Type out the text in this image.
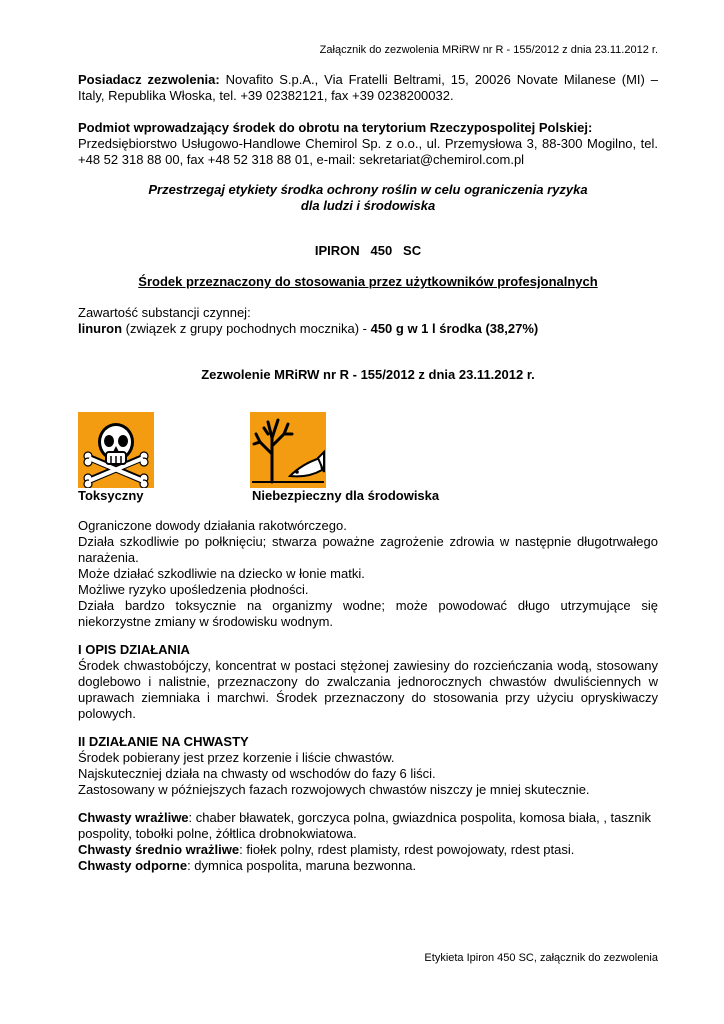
Załącznik do zezwolenia MRiRW nr R - 155/2012 z dnia 23.11.2012 r.

Posiadacz zezwolenia: Novafito S.p.A., Via Fratelli Beltrami, 15, 20026 Novate Milanese (MI) – Italy, Republika Włoska, tel. +39 02382121, fax +39 0238200032.

Podmiot wprowadzający środek do obrotu na terytorium Rzeczypospolitej Polskiej:

Przedsiębiorstwo Usługowo-Handlowe Chemirol Sp. z o.o., ul. Przemysłowa 3, 88-300 Mogilno, tel. +48 52 318 88 00, fax +48 52 318 88 01, e-mail: sekretariat@chemirol.com.pl

Przestrzegaj etykiety środka ochrony roślin w celu ograniczenia ryzyka

dla ludzi i środowiska

IPIRON   450   SC
Środek przeznaczony do stosowania przez użytkowników profesjonalnych

Zawartość substancji czynnej:

linuron (związek z grupy pochodnych mocznika) - 450 g w 1 l środka (38,27%)

Zezwolenie MRiRW nr R - 155/2012 z dnia 23.11.2012 r.
Toksyczny	Niebezpieczny dla środowiska

Ograniczone dowody działania rakotwórczego.

Działa szkodliwie po połknięciu; stwarza poważne zagrożenie zdrowia w następnie długotrwałego narażenia.

Może działać szkodliwie na dziecko w łonie matki.

Możliwe ryzyko upośledzenia płodności.

Działa bardzo toksycznie na organizmy wodne; może powodować długo utrzymujące się niekorzystne zmiany w środowisku wodnym.

I OPIS DZIAŁANIA

Środek chwastobójczy, koncentrat w postaci stężonej zawiesiny do rozcieńczania wodą, stosowany doglebowo i nalistnie, przeznaczony do zwalczania jednorocznych chwastów dwuliściennych w uprawach ziemniaka i marchwi. Środek przeznaczony do stosowania przy użyciu opryskiwaczy polowych.

II DZIAŁANIE NA CHWASTY

Środek pobierany jest przez korzenie i liście chwastów.

Najskuteczniej działa na chwasty od wschodów do fazy 6 liści.

Zastosowany w późniejszych fazach rozwojowych chwastów niszczy je mniej skutecznie.

Chwasty wrażliwe: chaber bławatek, gorczyca polna, gwiazdnica pospolita, komosa biała, , tasznik pospolity, tobołki polne, żółtlica drobnokwiatowa.

Chwasty średnio wrażliwe: fiołek polny, rdest plamisty, rdest powojowaty, rdest ptasi.

Chwasty odporne: dymnica pospolita, maruna bezwonna.

Etykieta Ipiron 450 SC, załącznik do zezwolenia
